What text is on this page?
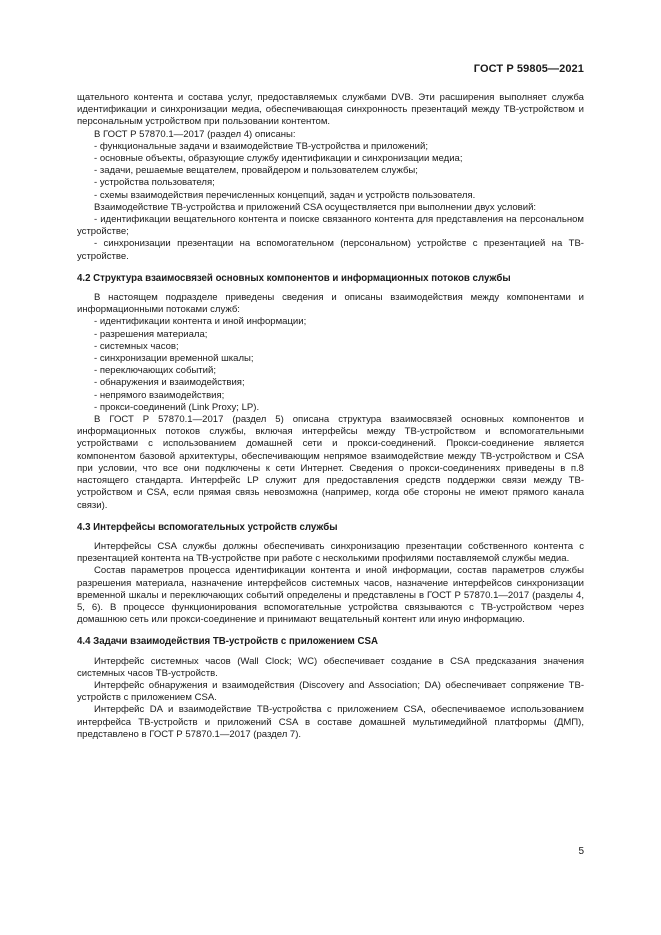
ГОСТ Р 59805—2021

щательного контента и состава услуг, предоставляемых службами DVB. Эти расширения выполняет служба идентификации и синхронизации медиа, обеспечивающая синхронность презентаций между ТВ-устройством и персональным устройством при пользовании контентом.

В ГОСТ Р 57870.1—2017 (раздел 4) описаны:

- функциональные задачи и взаимодействие ТВ-устройства и приложений;

- основные объекты, образующие службу идентификации и синхронизации медиа;

- задачи, решаемые вещателем, провайдером и пользователем службы;

- устройства пользователя;

- схемы взаимодействия перечисленных концепций, задач и устройств пользователя.

Взаимодействие ТВ-устройства и приложений CSA осуществляется при выполнении двух условий:

- идентификации вещательного контента и поиске связанного контента для представления на персональном устройстве;

- синхронизации презентации на вспомогательном (персональном) устройстве с презентацией на ТВ-устройстве.

4.2 Структура взаимосвязей основных компонентов и информационных потоков службы

В настоящем подразделе приведены сведения и описаны взаимодействия между компонентами и информационными потоками служб:

- идентификации контента и иной информации;

- разрешения материала;

- системных часов;

- синхронизации временной шкалы;

- переключающих событий;

- обнаружения и взаимодействия;

- непрямого взаимодействия;

- прокси-соединений (Link Proxy; LP).

В ГОСТ Р 57870.1—2017 (раздел 5) описана структура взаимосвязей основных компонентов и информационных потоков службы, включая интерфейсы между ТВ-устройством и вспомогательными устройствами с использованием домашней сети и прокси-соединений. Прокси-соединение является компонентом базовой архитектуры, обеспечивающим непрямое взаимодействие между ТВ-устройством и CSA при условии, что все они подключены к сети Интернет. Сведения о прокси-соединениях приведены в п.8 настоящего стандарта. Интерфейс LP служит для предоставления средств поддержки связи между ТВ-устройством и CSA, если прямая связь невозможна (например, когда обе стороны не имеют прямого канала связи).

4.3 Интерфейсы вспомогательных устройств службы

Интерфейсы CSA службы должны обеспечивать синхронизацию презентации собственного контента с презентацией контента на ТВ-устройстве при работе с несколькими профилями поставляемой службы медиа.

Состав параметров процесса идентификации контента и иной информации, состав параметров службы разрешения материала, назначение интерфейсов системных часов, назначение интерфейсов синхронизации временной шкалы и переключающих событий определены и представлены в ГОСТ Р 57870.1—2017 (разделы 4, 5, 6). В процессе функционирования вспомогательные устройства связываются с ТВ-устройством через домашнюю сеть или прокси-соединение и принимают вещательный контент или иную информацию.

4.4 Задачи взаимодействия ТВ-устройств с приложением CSA

Интерфейс системных часов (Wall Clock; WC) обеспечивает создание в CSA предсказания значения системных часов ТВ-устройств.

Интерфейс обнаружения и взаимодействия (Discovery and Association; DA) обеспечивает сопряжение ТВ-устройств с приложением CSA.

Интерфейс DA и взаимодействие ТВ-устройства с приложением CSA, обеспечиваемое использованием интерфейса ТВ-устройств и приложений CSA в составе домашней мультимедийной платформы (ДМП), представлено в ГОСТ Р 57870.1—2017 (раздел 7).

5
